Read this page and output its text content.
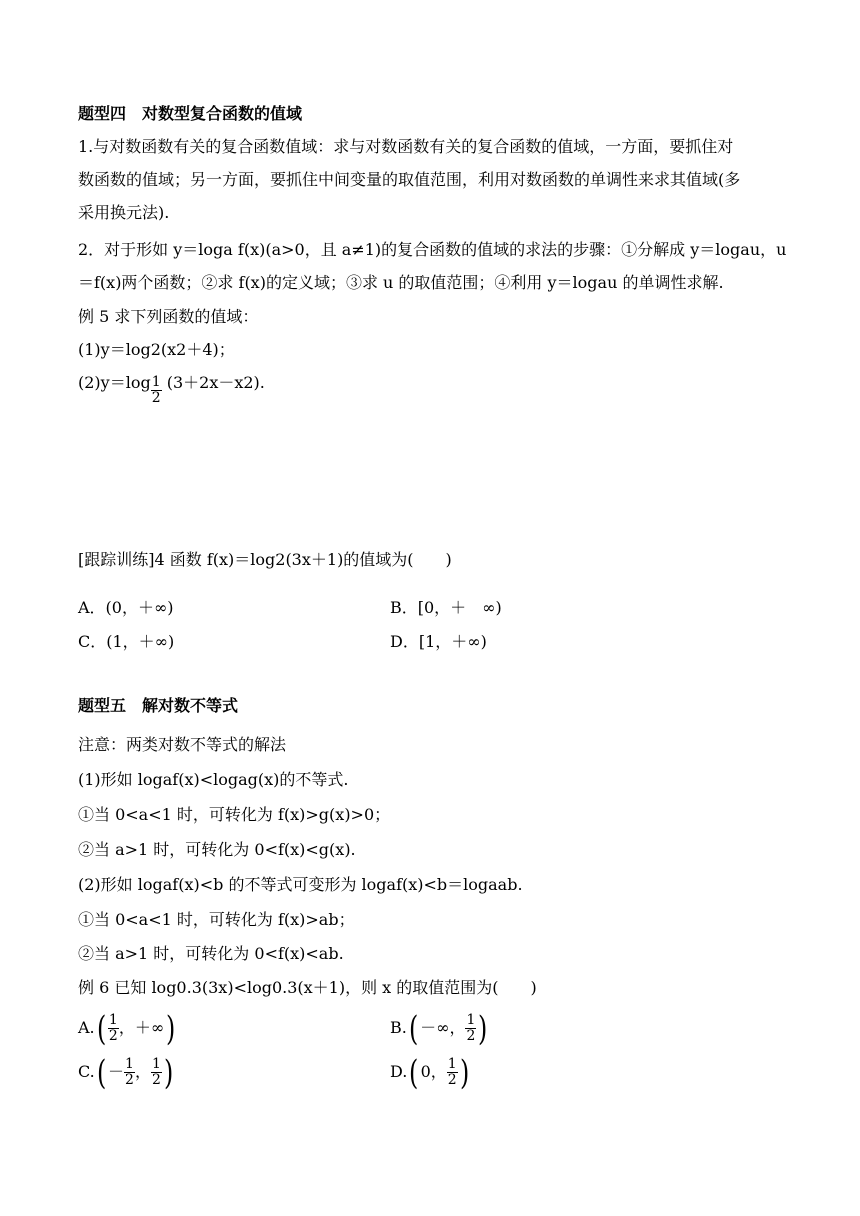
题型四　对数型复合函数的值域
1.与对数函数有关的复合函数值域：求与对数函数有关的复合函数的值域，一方面，要抓住对
数函数的值域；另一方面，要抓住中间变量的取值范围，利用对数函数的单调性来求其值域(多
采用换元法).
2．对于形如 y＝loga f(x)(a>0，且 a≠1)的复合函数的值域的求法的步骤：①分解成 y＝logau，u
＝f(x)两个函数；②求 f(x)的定义域；③求 u 的取值范围；④利用 y＝logau 的单调性求解.
例 5 求下列函数的值域：
(1)y＝log2(x2＋4)；
$(2)y=\log \frac{1}{2} (3+2x-x2)$.
[跟踪训练]4 函数 f(x)＝log2(3x＋1)的值域为(　　)
A．(0，＋∞)	B．[0，＋　∞)
C．(1，＋∞)	D．[1，＋∞)
题型五　解对数不等式
注意：两类对数不等式的解法
(1)形如 logaf(x)<logag(x)的不等式.
①当 0<a<1 时，可转化为 f(x)>g(x)>0；
②当 a>1 时，可转化为 0<f(x)<g(x).
(2)形如 logaf(x)<b 的不等式可变形为 logaf(x)<b＝logaab.
①当 0<a<1 时，可转化为 f(x)>ab；
②当 a>1 时，可转化为 0<f(x)<ab.
例 6 已知 log0.3(3x)<log0.3(x＋1)，则 x 的取值范围为(　　)
$A.( \frac{1}{2}$ ，＋∞)	B.( －∞， $\frac{1}{2}$ )
$C.( - \frac{1}{2}$ ， $\frac{1}{2}$ )	D.( 0， $\frac{1}{2}$ )
